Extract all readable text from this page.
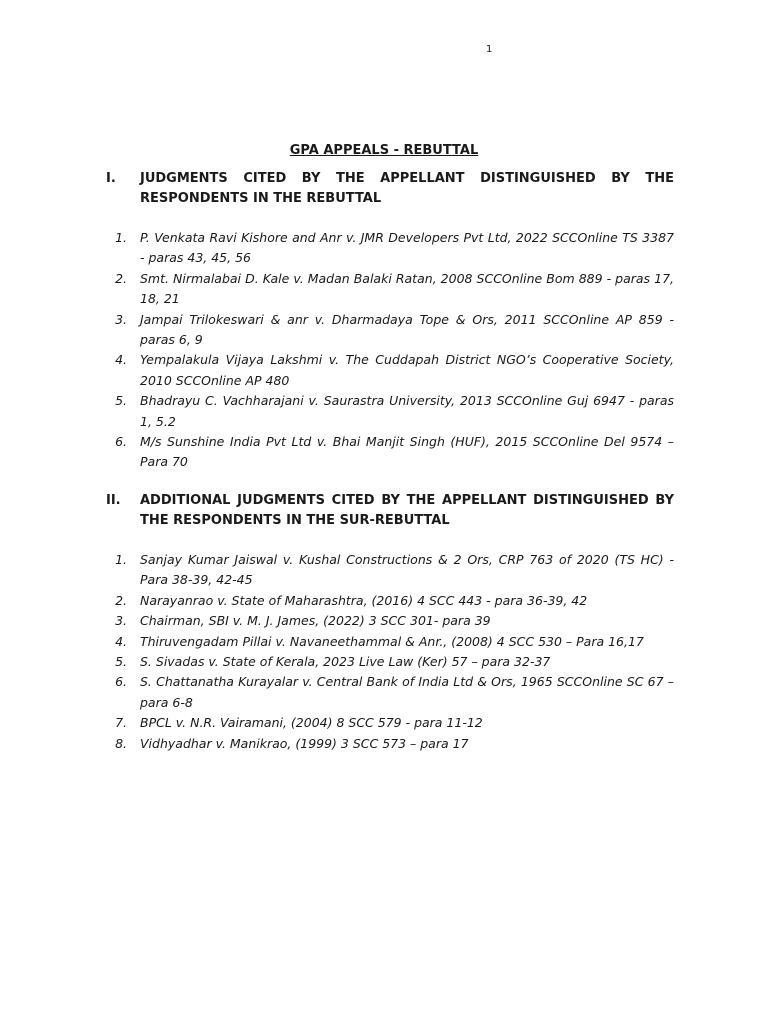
1
GPA APPEALS - REBUTTAL
I.	JUDGMENTS CITED BY THE APPELLANT DISTINGUISHED BY THE RESPONDENTS IN THE REBUTTAL
1.	P. Venkata Ravi Kishore and Anr v. JMR Developers Pvt Ltd, 2022 SCCOnline TS 3387 - paras 43, 45, 56
2.	Smt. Nirmalabai D. Kale v. Madan Balaki Ratan, 2008 SCCOnline Bom 889 - paras 17, 18, 21
3.	Jampai Trilokeswari & anr v. Dharmadaya Tope & Ors, 2011 SCCOnline AP 859 - paras 6, 9
4.	Yempalakula Vijaya Lakshmi v. The Cuddapah District NGO’s Cooperative Society, 2010 SCCOnline AP 480
5.	Bhadrayu C. Vachharajani v. Saurastra University, 2013 SCCOnline Guj 6947 - paras 1, 5.2
6.	M/s Sunshine India Pvt Ltd v. Bhai Manjit Singh (HUF), 2015 SCCOnline Del 9574 – Para 70
II.	ADDITIONAL JUDGMENTS CITED BY THE APPELLANT DISTINGUISHED BY THE RESPONDENTS IN THE SUR-REBUTTAL
1.	Sanjay Kumar Jaiswal v. Kushal Constructions & 2 Ors, CRP 763 of 2020 (TS HC) - Para 38-39, 42-45
2.	Narayanrao v. State of Maharashtra, (2016) 4 SCC 443 - para 36-39, 42
3.	Chairman, SBI v. M. J. James, (2022) 3 SCC 301- para 39
4.	Thiruvengadam Pillai v. Navaneethammal & Anr., (2008) 4 SCC 530 – Para 16,17
5.	S. Sivadas v. State of Kerala, 2023 Live Law (Ker) 57 – para 32-37
6.	S. Chattanatha Kurayalar v. Central Bank of India Ltd & Ors, 1965 SCCOnline SC 67 – para 6-8
7.	BPCL v. N.R. Vairamani, (2004) 8 SCC 579 - para 11-12
8.	Vidhyadhar v. Manikrao, (1999) 3 SCC 573 – para 17
